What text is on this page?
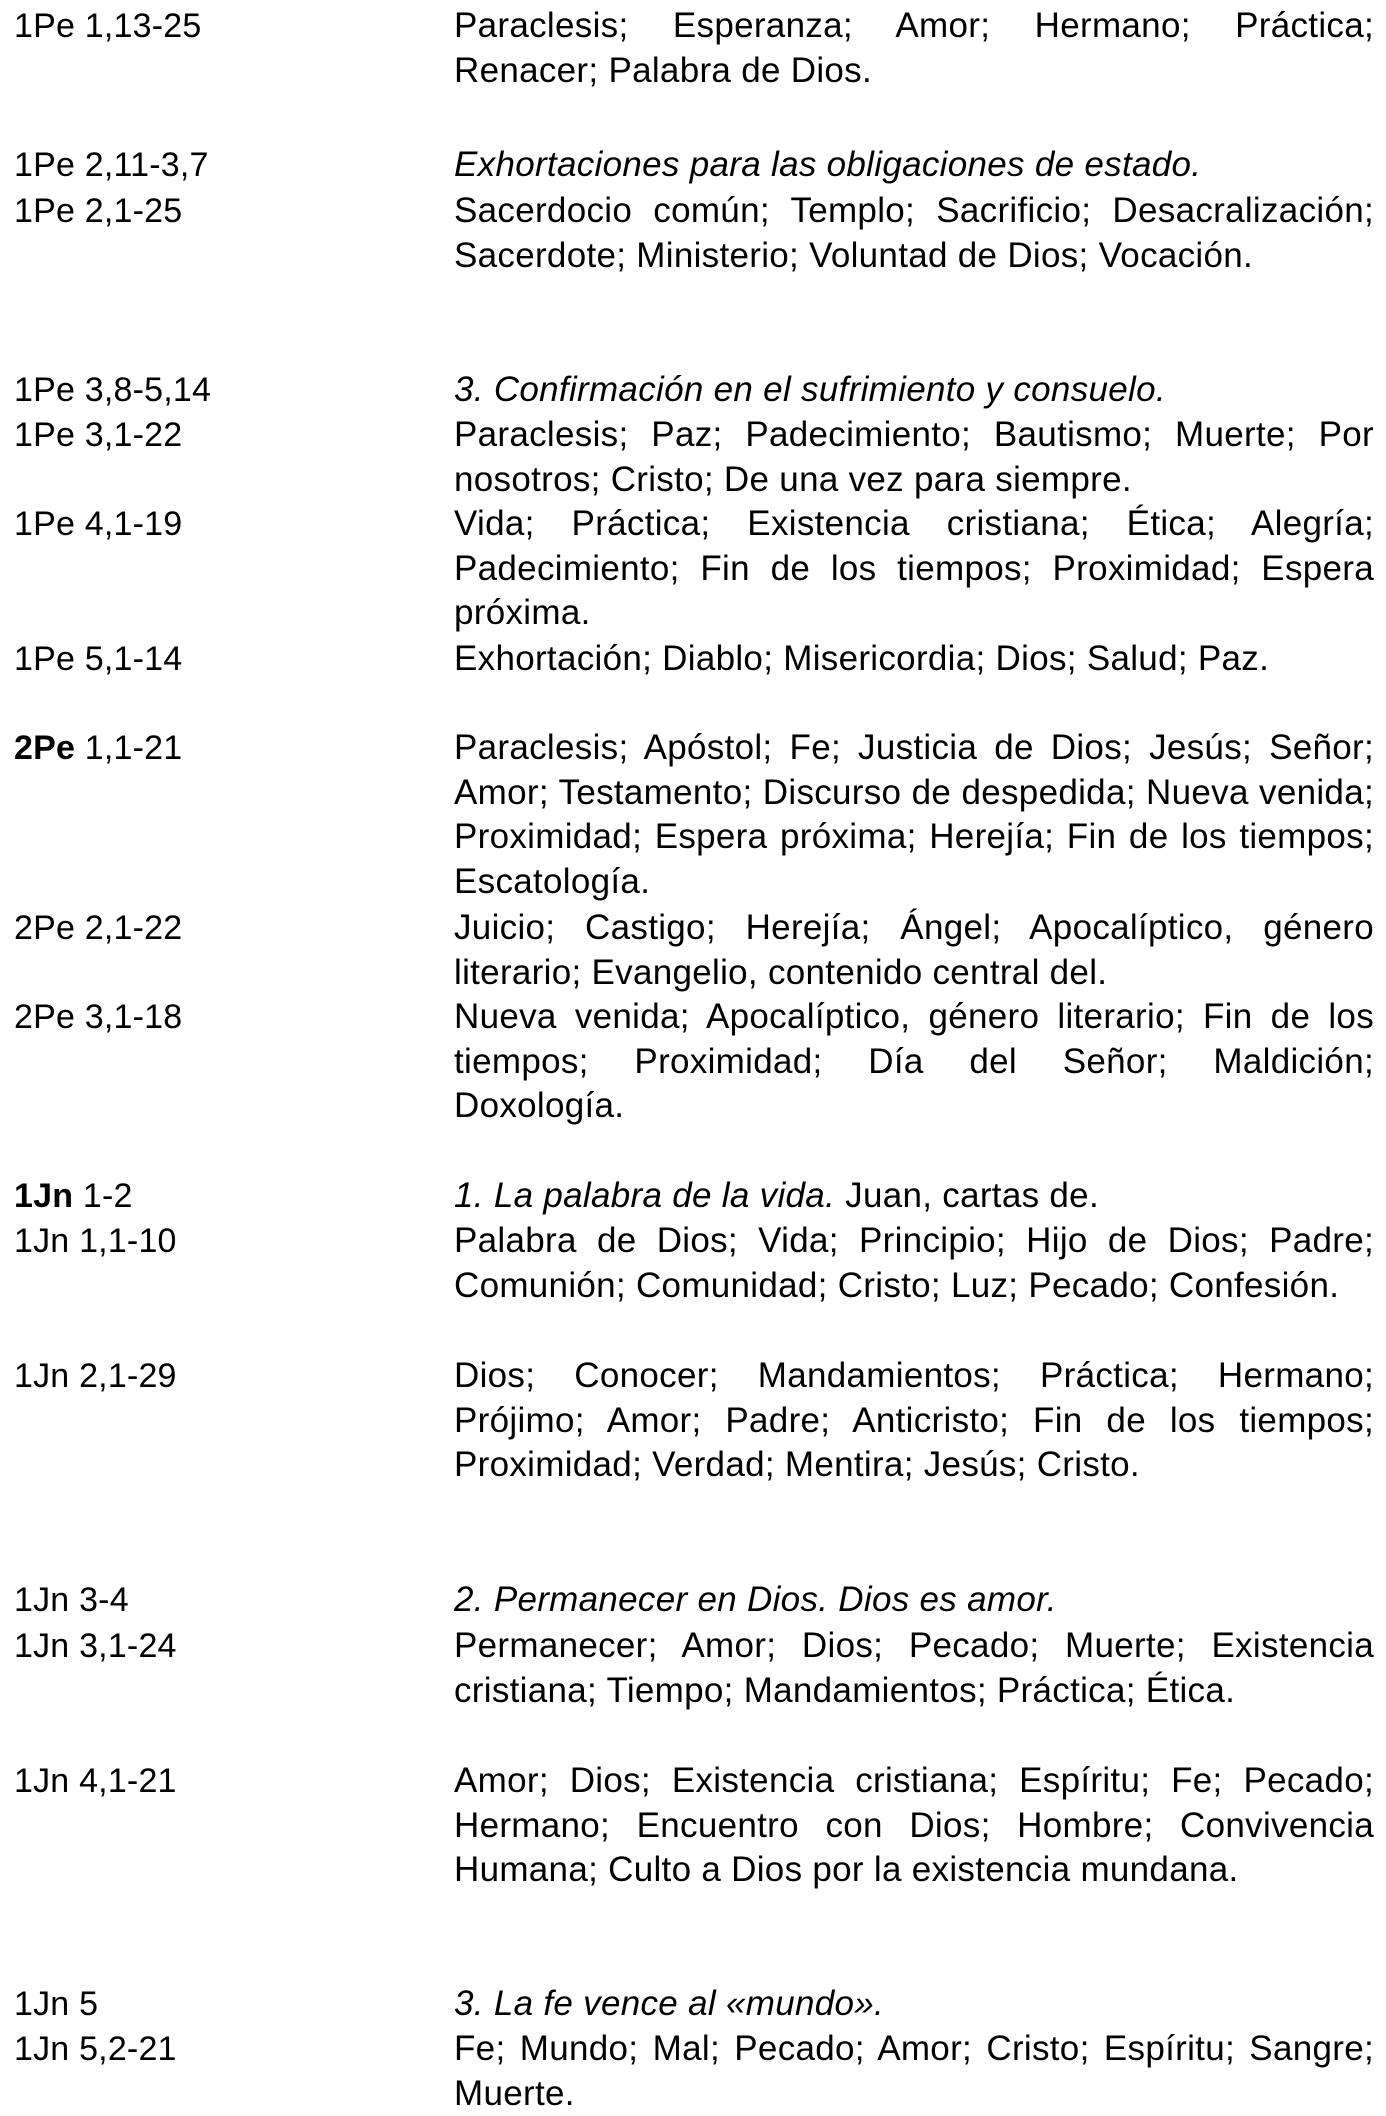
1Pe 1,13-25	Paraclesis; Esperanza; Amor; Hermano; Práctica; Renacer; Palabra de Dios.
1Pe 2,11-3,7	Exhortaciones para las obligaciones de estado.
1Pe 2,1-25	Sacerdocio común; Templo; Sacrificio; Desacralización; Sacerdote; Ministerio; Voluntad de Dios; Vocación.
1Pe 3,8-5,14	3. Confirmación en el sufrimiento y consuelo.
1Pe 3,1-22	Paraclesis; Paz; Padecimiento; Bautismo; Muerte; Por nosotros; Cristo; De una vez para siempre.
1Pe 4,1-19	Vida; Práctica; Existencia cristiana; Ética; Alegría; Padecimiento; Fin de los tiempos; Proximidad; Espera próxima.
1Pe 5,1-14	Exhortación; Diablo; Misericordia; Dios; Salud; Paz.
2Pe 1,1-21	Paraclesis; Apóstol; Fe; Justicia de Dios; Jesús; Señor; Amor; Testamento; Discurso de despedida; Nueva venida; Proximidad; Espera próxima; Herejía; Fin de los tiempos; Escatología.
2Pe 2,1-22	Juicio; Castigo; Herejía; Ángel; Apocalíptico, género literario; Evangelio, contenido central del.
2Pe 3,1-18	Nueva venida; Apocalíptico, género literario; Fin de los tiempos; Proximidad; Día del Señor; Maldición; Doxología.
1Jn 1-2	1. La palabra de la vida. Juan, cartas de.
1Jn 1,1-10	Palabra de Dios; Vida; Principio; Hijo de Dios; Padre; Comunión; Comunidad; Cristo; Luz; Pecado; Confesión.
1Jn 2,1-29	Dios; Conocer; Mandamientos; Práctica; Hermano; Prójimo; Amor; Padre; Anticristo; Fin de los tiempos; Proximidad; Verdad; Mentira; Jesús; Cristo.
1Jn 3-4	2. Permanecer en Dios. Dios es amor.
1Jn 3,1-24	Permanecer; Amor; Dios; Pecado; Muerte; Existencia cristiana; Tiempo; Mandamientos; Práctica; Ética.
1Jn 4,1-21	Amor; Dios; Existencia cristiana; Espíritu; Fe; Pecado; Hermano; Encuentro con Dios; Hombre; Convivencia Humana; Culto a Dios por la existencia mundana.
1Jn 5	3. La fe vence al «mundo».
1Jn 5,2-21	Fe; Mundo; Mal; Pecado; Amor; Cristo; Espíritu; Sangre; Muerte.
